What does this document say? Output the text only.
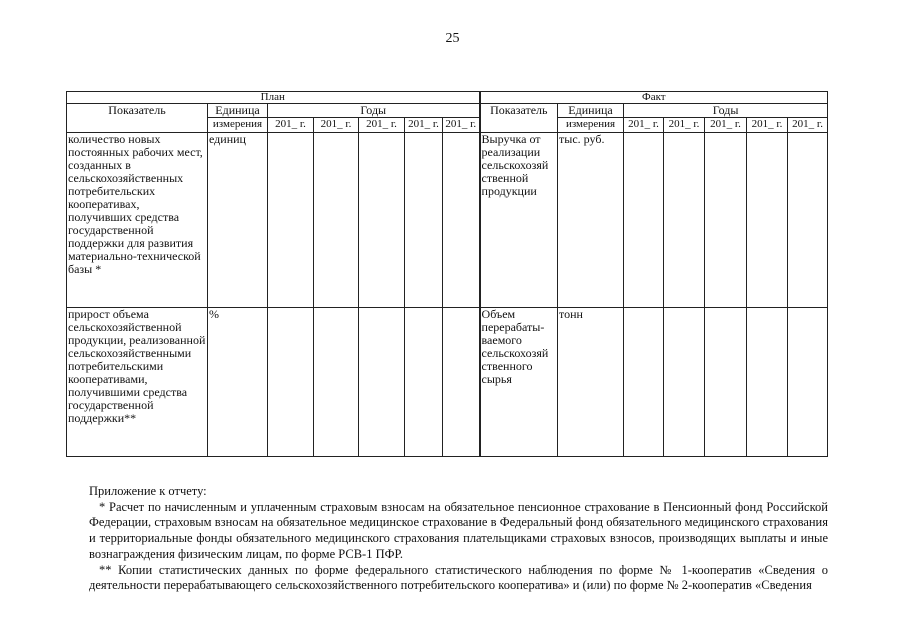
25
План							Факт						
Показатель	Единица	Годы					Показатель	Единица	Годы				
	измерения	201_ г.	201_ г.	201_ г.	201_ г.	201_ г.		измерения	201_ г.	201_ г.	201_ г.	201_ г.	201_ г.
количество новых постоянных рабочих мест, созданных в сельскохозяйственных потребительских кооперативах, получивших средства государственной поддержки для развития материально-технической базы *	единиц						Выручка от реализации сельскохозяй ственной продукции	тыс. руб.					
прирост объема сельскохозяйственной продукции, реализованной сельскохозяйственными потребительскими кооперативами, получившими средства государственной поддержки**	%						Объем перерабаты-ваемого сельскохозяй ственного сырья	тонн					

Приложение к отчету:

* Расчет по начисленным и уплаченным страховым взносам на обязательное пенсионное страхование в Пенсионный фонд Российской Федерации, страховым взносам на обязательное медицинское страхование в Федеральный фонд обязательного медицинского страхования и территориальные фонды обязательного медицинского страхования плательщиками страховых взносов, производящих выплаты и иные вознаграждения физическим лицам, по форме РСВ-1 ПФР.

** Копии статистических данных по форме федерального статистического наблюдения по форме № 1-кооператив «Сведения о деятельности перерабатывающего сельскохозяйственного потребительского кооператива» и (или) по форме № 2-кооператив «Сведения
